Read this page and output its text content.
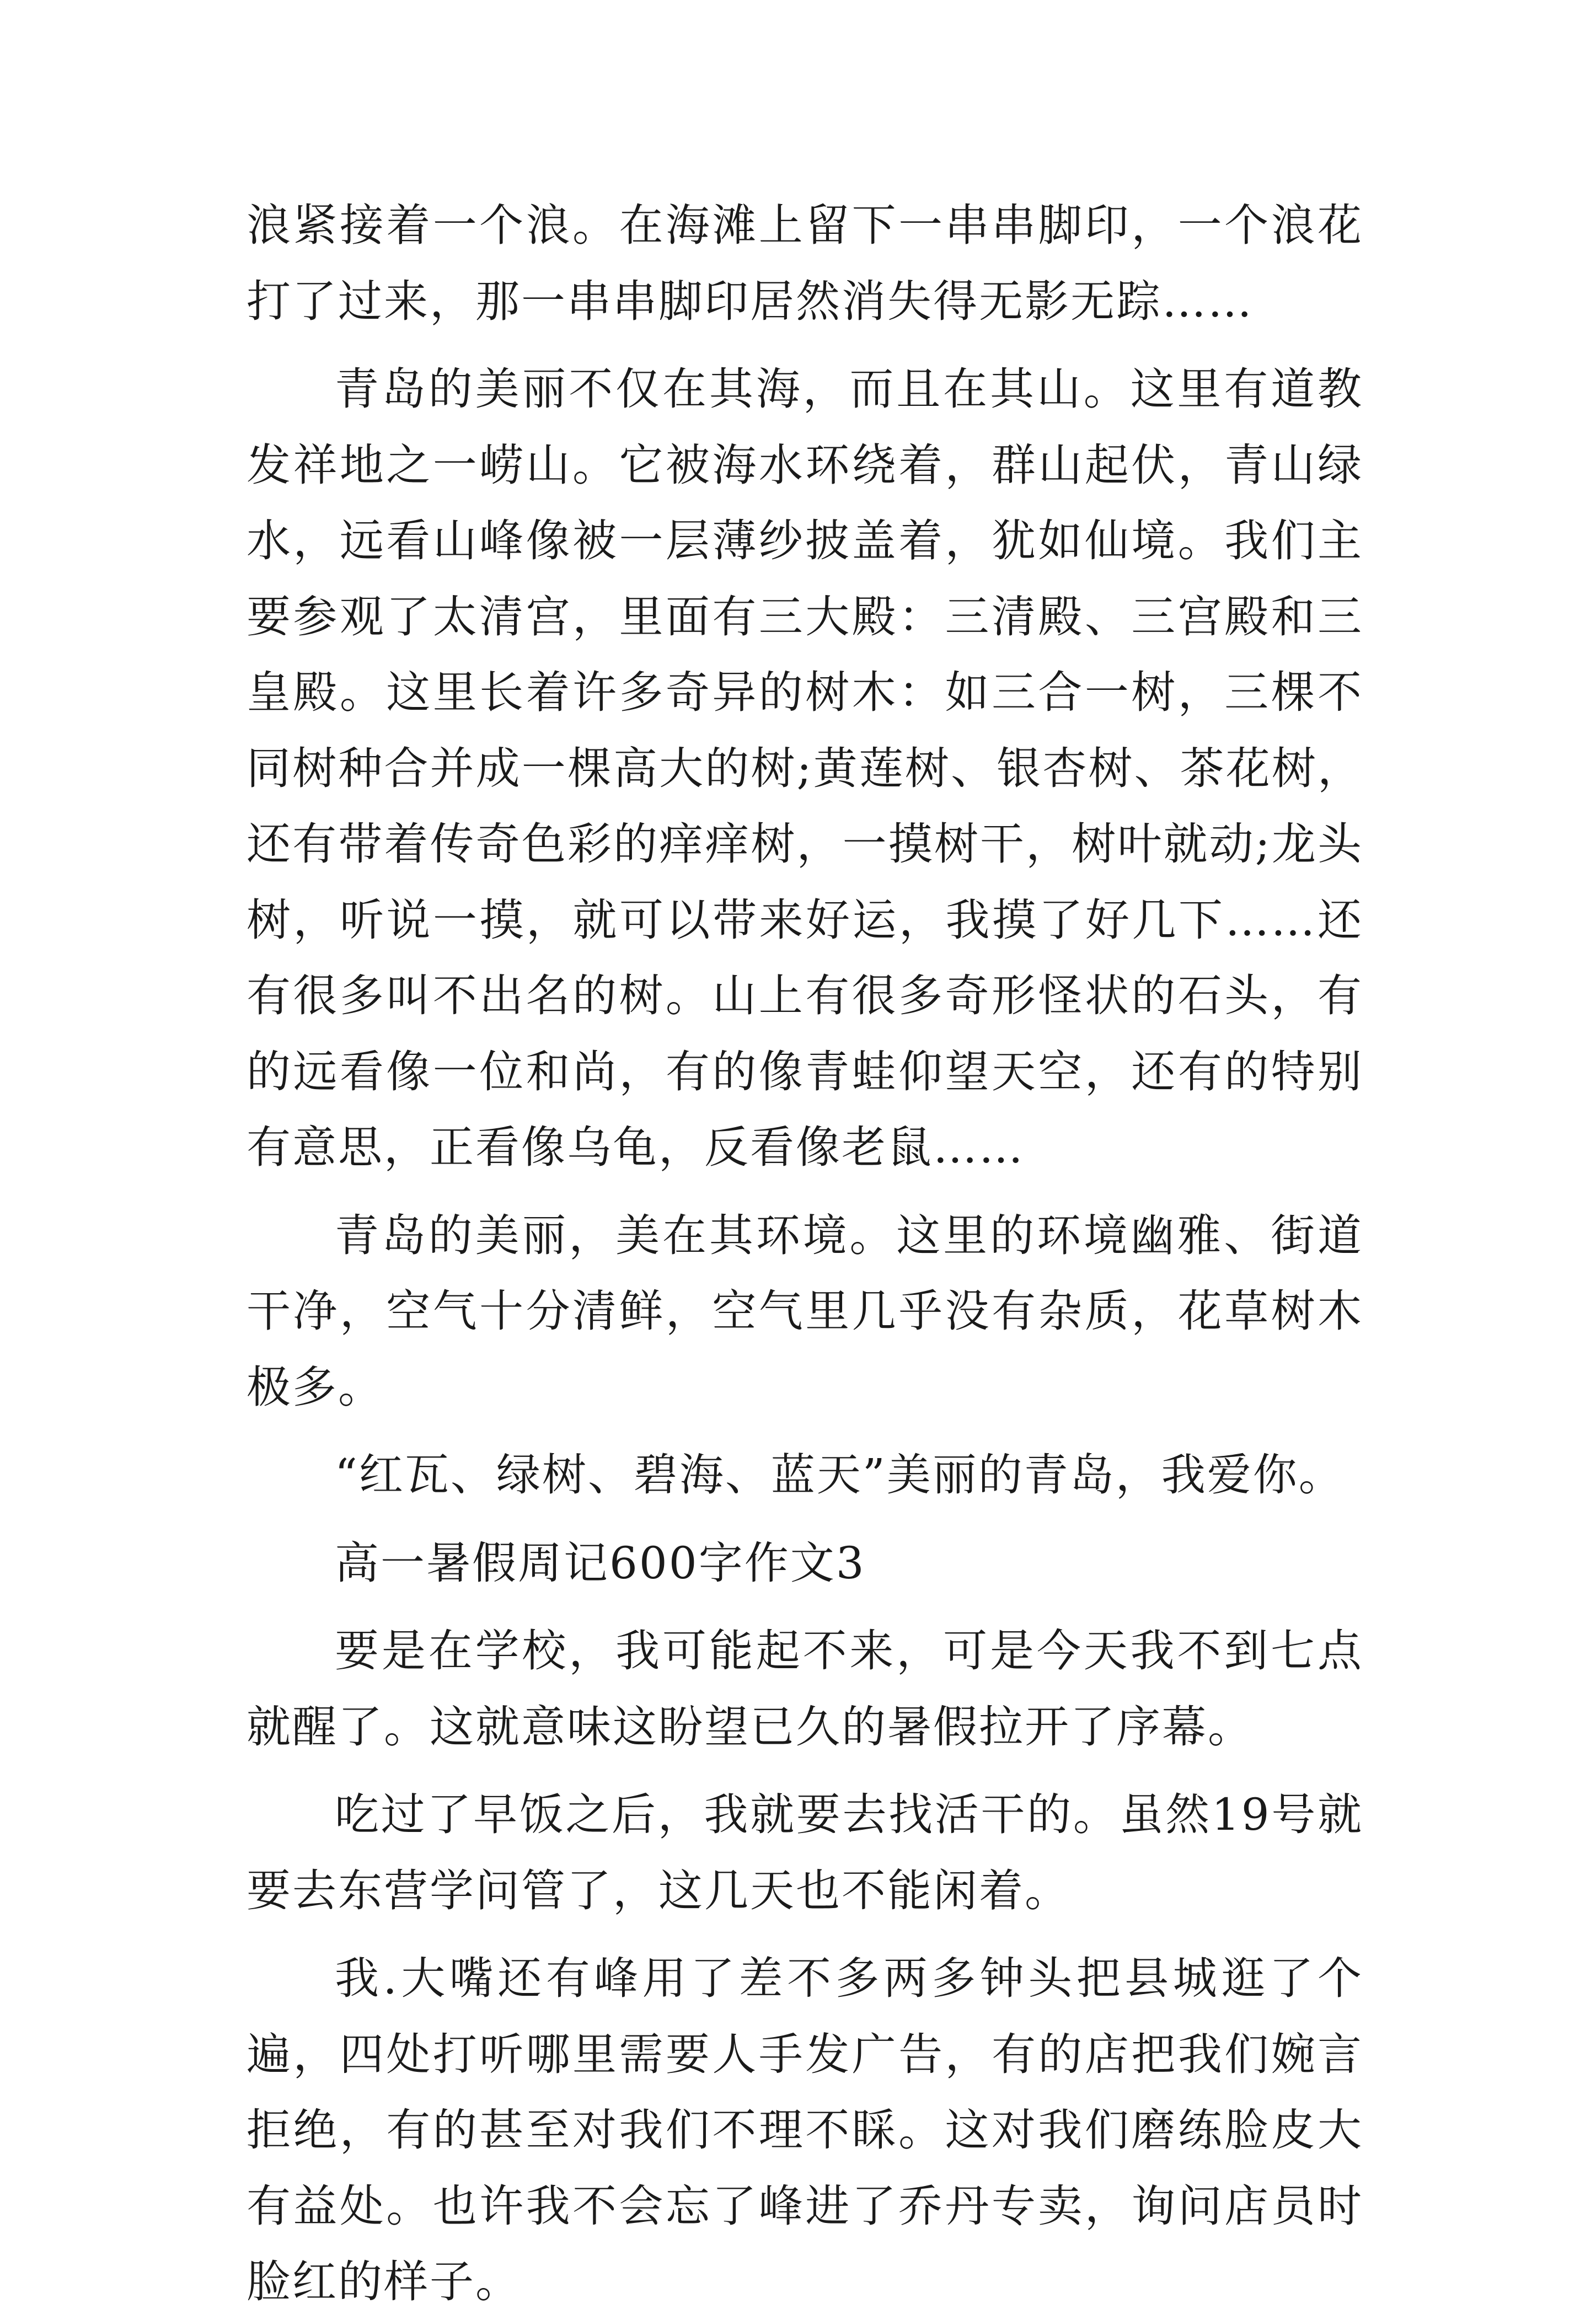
浪紧接着一个浪。在海滩上留下一串串脚印，一个浪花打了过来，那一串串脚印居然消失得无影无踪……

青岛的美丽不仅在其海，而且在其山。这里有道教发祥地之一崂山。它被海水环绕着，群山起伏，青山绿水，远看山峰像被一层薄纱披盖着，犹如仙境。我们主要参观了太清宫，里面有三大殿：三清殿、三宫殿和三皇殿。这里长着许多奇异的树木：如三合一树，三棵不同树种合并成一棵高大的树;黄莲树、银杏树、茶花树，还有带着传奇色彩的痒痒树，一摸树干，树叶就动;龙头树，听说一摸，就可以带来好运，我摸了好几下……还有很多叫不出名的树。山上有很多奇形怪状的石头，有的远看像一位和尚，有的像青蛙仰望天空，还有的特别有意思，正看像乌龟，反看像老鼠……

青岛的美丽，美在其环境。这里的环境幽雅、街道干净，空气十分清鲜，空气里几乎没有杂质，花草树木极多。

“红瓦、绿树、碧海、蓝天”美丽的青岛，我爱你。

高一暑假周记600字作文3

要是在学校，我可能起不来，可是今天我不到七点就醒了。这就意味这盼望已久的暑假拉开了序幕。

吃过了早饭之后，我就要去找活干的。虽然19号就要去东营学问管了，这几天也不能闲着。

我.大嘴还有峰用了差不多两多钟头把县城逛了个遍，四处打听哪里需要人手发广告，有的店把我们婉言拒绝，有的甚至对我们不理不睬。这对我们磨练脸皮大有益处。也许我不会忘了峰进了乔丹专卖，询问店员时脸红的样子。
